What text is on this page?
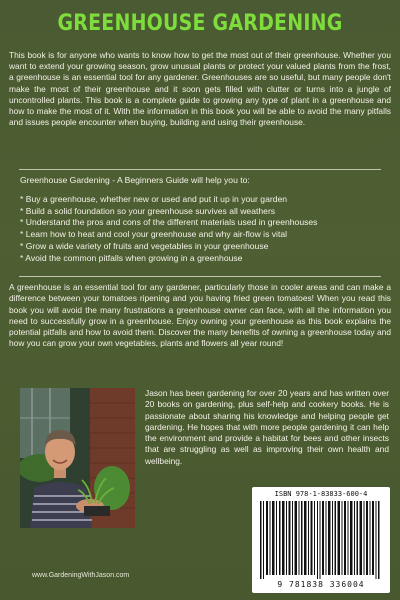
GREENHOUSE GARDENING
This book is for anyone who wants to know how to get the most out of their greenhouse. Whether you want to extend your growing season, grow unusual plants or protect your valued plants from the frost, a greenhouse is an essential tool for any gardener. Greenhouses are so useful, but many people don't make the most of their greenhouse and it soon gets filled with clutter or turns into a jungle of uncontrolled plants. This book is a complete guide to growing any type of plant in a greenhouse and how to make the most of it. With the information in this book you will be able to avoid the many pitfalls and issues people encounter when buying, building and using their greenhouse.
Greenhouse Gardening - A Beginners Guide will help you to:
* Buy a greenhouse, whether new or used and put it up in your garden
* Build a solid foundation so your greenhouse survives all weathers
* Understand the pros and cons of the different materials used in greenhouses
* Learn how to heat and cool your greenhouse and why air-flow is vital
* Grow a wide variety of fruits and vegetables in your greenhouse
* Avoid the common pitfalls when growing in a greenhouse
A greenhouse is an essential tool for any gardener, particularly those in cooler areas and can make a difference between your tomatoes ripening and you having fried green tomatoes! When you read this book you will avoid the many frustrations a greenhouse owner can face, with all the information you need to successfully grow in a greenhouse. Enjoy owning your greenhouse as this book explains the potential pitfalls and how to avoid them. Discover the many benefits of owning a greenhouse today and how you can grow your own vegetables, plants and flowers all year round!
Jason has been gardening for over 20 years and has written over 20 books on gardening, plus self-help and cookery books. He is passionate about sharing his knowledge and helping people get gardening. He hopes that with more people gardening it can help the environment and provide a habitat for bees and other insects that are struggling as well as improving their own health and wellbeing.
www.GardeningWithJason.com
ISBN 978-1-83833-600-4
9 781838 336004
